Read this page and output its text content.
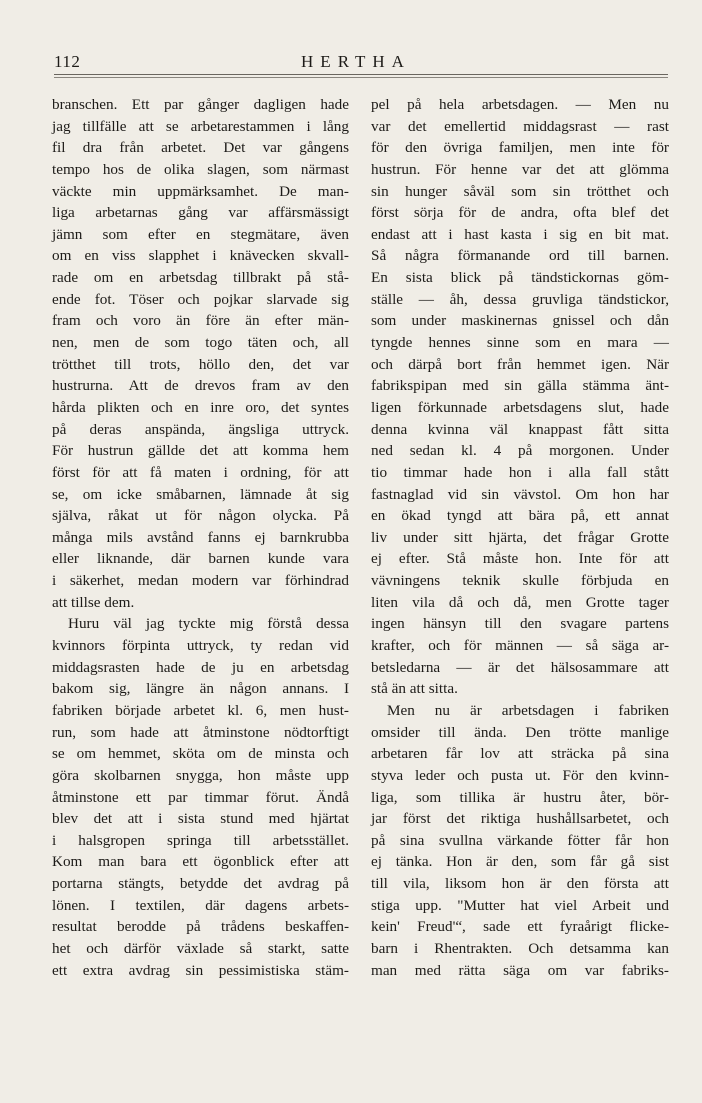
112	HERTHA
branschen. Ett par gånger dagligen hade
jag tillfälle att se arbetarestammen i lång
fil dra från arbetet. Det var gångens
tempo hos de olika slagen, som närmast
väckte min uppmärksamhet. De man-
liga arbetarnas gång var affärsmässigt
jämn som efter en stegmätare, även
om en viss slapphet i knävecken skvall-
rade om en arbetsdag tillbrakt på stå-
ende fot. Töser och pojkar slarvade sig
fram och voro än före än efter män-
nen, men de som togo täten och, all
trötthet till trots, höllo den, det var
hustrurna. Att de drevos fram av den
hårda plikten och en inre oro, det syntes
på deras anspända, ängsliga uttryck.
För hustrun gällde det att komma hem
först för att få maten i ordning, för att
se, om icke småbarnen, lämnade åt sig
själva, råkat ut för någon olycka. På
många mils avstånd fanns ej barnkrubba
eller liknande, där barnen kunde vara
i säkerhet, medan modern var förhindrad
att tillse dem.
Huru väl jag tyckte mig förstå dessa
kvinnors förpinta uttryck, ty redan vid
middagsrasten hade de ju en arbetsdag
bakom sig, längre än någon annans. I
fabriken började arbetet kl. 6, men hust-
run, som hade att åtminstone nödtorftigt
se om hemmet, sköta om de minsta och
göra skolbarnen snygga, hon måste upp
åtminstone ett par timmar förut. Ändå
blev det att i sista stund med hjärtat
i halsgropen springa till arbetsstället.
Kom man bara ett ögonblick efter att
portarna stängts, betydde det avdrag på
lönen. I textilen, där dagens arbets-
resultat berodde på trådens beskaffen-
het och därför växlade så starkt, satte
ett extra avdrag sin pessimistiska stäm-
pel på hela arbetsdagen. — Men nu
var det emellertid middagsrast — rast
för den övriga familjen, men inte för
hustrun. För henne var det att glömma
sin hunger såväl som sin trötthet och
först sörja för de andra, ofta blef det
endast att i hast kasta i sig en bit mat.
Så några förmanande ord till barnen.
En sista blick på tändstickornas göm-
ställe — åh, dessa gruvliga tändstickor,
som under maskinernas gnissel och dån
tyngde hennes sinne som en mara —
och därpå bort från hemmet igen. När
fabrikspipan med sin gälla stämma änt-
ligen förkunnade arbetsdagens slut, hade
denna kvinna väl knappast fått sitta
ned sedan kl. 4 på morgonen. Under
tio timmar hade hon i alla fall stått
fastnaglad vid sin vävstol. Om hon har
en ökad tyngd att bära på, ett annat
liv under sitt hjärta, det frågar Grotte
ej efter. Stå måste hon. Inte för att
vävningens teknik skulle förbjuda en
liten vila då och då, men Grotte tager
ingen hänsyn till den svagare partens
krafter, och för männen — så säga ar-
betsledarna — är det hälsosammare att
stå än att sitta.
Men nu är arbetsdagen i fabriken
omsider till ända. Den trötte manlige
arbetaren får lov att sträcka på sina
styva leder och pusta ut. För den kvinn-
liga, som tillika är hustru åter, bör-
jar först det riktiga hushållsarbetet, och
på sina svullna värkande fötter får hon
ej tänka. Hon är den, som får gå sist
till vila, liksom hon är den första att
stiga upp. "Mutter hat viel Arbeit und
kein' Freud'“, sade ett fyraårigt flicke-
barn i Rhentrakten. Och detsamma kan
man med rätta säga om var fabriks-
